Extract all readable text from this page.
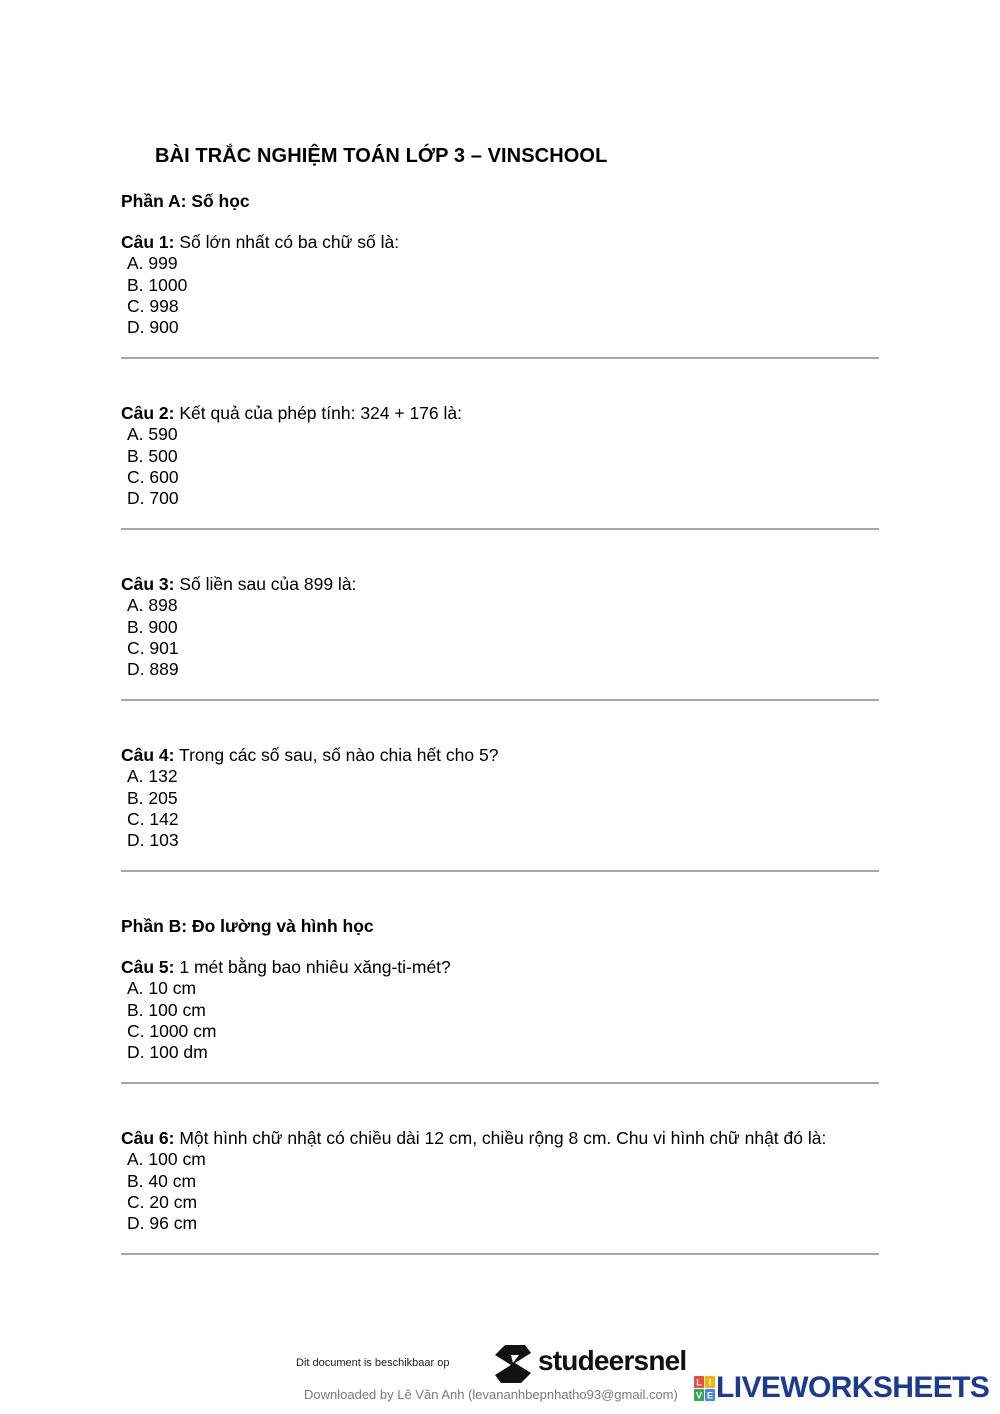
BÀI TRẮC NGHIỆM TOÁN LỚP 3 – VINSCHOOL
Phần A: Số học
Câu 1: Số lớn nhất có ba chữ số là:
A. 999
B. 1000
C. 998
D. 900
Câu 2: Kết quả của phép tính: 324 + 176 là:
A. 590
B. 500
C. 600
D. 700
Câu 3: Số liền sau của 899 là:
A. 898
B. 900
C. 901
D. 889
Câu 4: Trong các số sau, số nào chia hết cho 5?
A. 132
B. 205
C. 142
D. 103
Phần B: Đo lường và hình học
Câu 5: 1 mét bằng bao nhiêu xăng-ti-mét?
A. 10 cm
B. 100 cm
C. 1000 cm
D. 100 dm
Câu 6: Một hình chữ nhật có chiều dài 12 cm, chiều rộng 8 cm. Chu vi hình chữ nhật đó là:
A. 100 cm
B. 40 cm
C. 20 cm
D. 96 cm
Dit document is beschikbaar op	studeersnel
Downloaded by Lê Văn Anh (levananhbepnhatho93@gmail.com)
L I
V E LIVEWORKSHEETS
